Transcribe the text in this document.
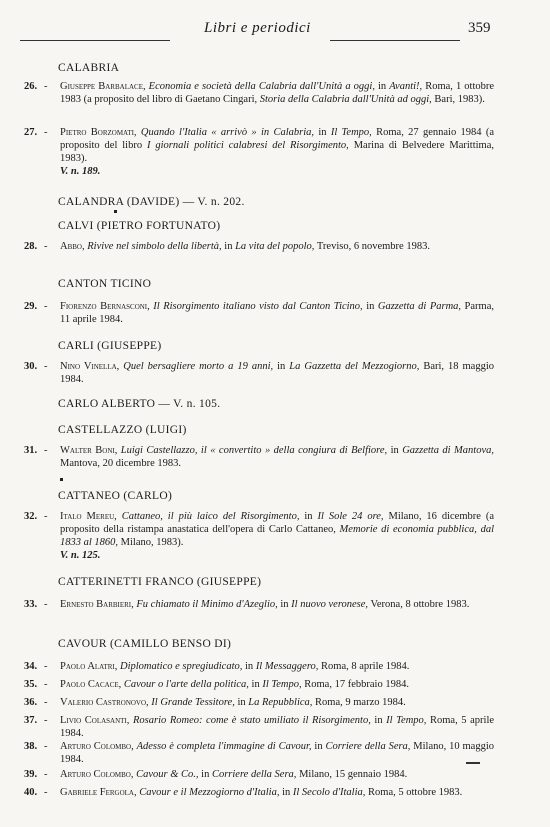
Libri e periodici	359
CALABRIA
26. - Giuseppe Barbalace, Economia e società della Calabria dall'Unità a oggi, in Avanti!, Roma, 1 ottobre 1983 (a proposito del libro di Gaetano Cingari, Storia della Calabria dall'Unità ad oggi, Bari, 1983).
27. - Pietro Borzomati, Quando l'Italia « arrivò » in Calabria, in Il Tempo, Roma, 27 gennaio 1984 (a proposito del libro I giornali politici calabresi del Risorgimento, Marina di Belvedere Marittima, 1983).
V. n. 189.
CALANDRA (DAVIDE) — V. n. 202.
CALVI (PIETRO FORTUNATO)
28. - Abbo, Rivive nel simbolo della libertà, in La vita del popolo, Treviso, 6 novembre 1983.
CANTON TICINO
29. - Fiorenzo Bernasconi, Il Risorgimento italiano visto dal Canton Ticino, in Gazzetta di Parma, Parma, 11 aprile 1984.
CARLI (GIUSEPPE)
30. - Nino Vinella, Quel bersagliere morto a 19 anni, in La Gazzetta del Mezzogiorno, Bari, 18 maggio 1984.
CARLO ALBERTO — V. n. 105.
CASTELLAZZO (LUIGI)
31. - Walter Boni, Luigi Castellazzo, il « convertito » della congiura di Belfiore, in Gazzetta di Mantova, Mantova, 20 dicembre 1983.
CATTANEO (CARLO)
32. - Italo Mereu, Cattaneo, il più laico del Risorgimento, in Il Sole 24 ore, Milano, 16 dicembre (a proposito della ristampa anastatica dell'opera di Carlo Cattaneo, Memorie di economia pubblica, dal 1833 al 1860, Milano, 1983).
V. n. 125.
CATTERINETTI FRANCO (GIUSEPPE)
33. - Ernesto Barbieri, Fu chiamato il Minimo d'Azeglio, in Il nuovo veronese, Verona, 8 ottobre 1983.
CAVOUR (CAMILLO BENSO DI)
34. - Paolo Alatri, Diplomatico e spregiudicato, in Il Messaggero, Roma, 8 aprile 1984.
35. - Paolo Cacace, Cavour o l'arte della politica, in Il Tempo, Roma, 17 febbraio 1984.
36. - Valerio Castronovo, Il Grande Tessitore, in La Repubblica, Roma, 9 marzo 1984.
37. - Livio Colasanti, Rosario Romeo: come è stato umiliato il Risorgimento, in Il Tempo, Roma, 5 aprile 1984.
38. - Arturo Colombo, Adesso è completa l'immagine di Cavour, in Corriere della Sera, Milano, 10 maggio 1984.
39. - Arturo Colombo, Cavour & Co., in Corriere della Sera, Milano, 15 gennaio 1984.
40. - Gabriele Fergola, Cavour e il Mezzogiorno d'Italia, in Il Secolo d'Italia, Roma, 5 ottobre 1983.
